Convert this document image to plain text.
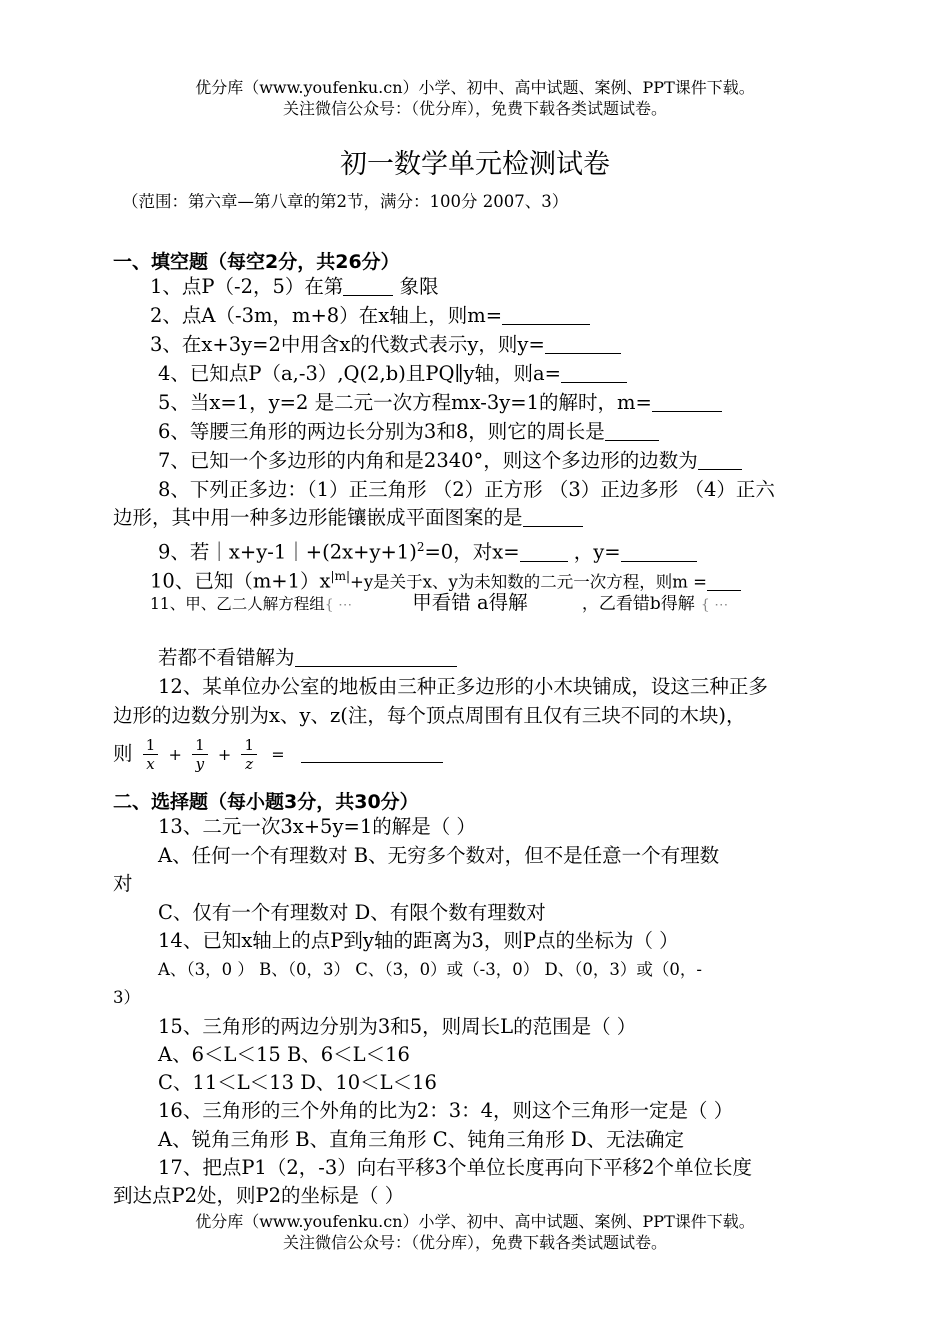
优分库（www.youfenku.cn）小学、初中、高中试题、案例、PPT课件下载。
关注微信公众号：（优分库），免费下载各类试题试卷。
初一数学单元检测试卷
（范围：第六章—第八章的第2节，满分：100分 2007、3）
一、填空题（每空2分，共26分）
1、点P（-2，5）在第	象限
2、点A（-3m，m+8）在x轴上，则m=
3、在x+3y=2中用含x的代数式表示y，则y=
4、已知点P（a,-3）,Q(2,b)且PQ∥y轴，则a=
5、当x=1，y=2 是二元一次方程mx-3y=1的解时，m=
6、等腰三角形的两边长分别为3和8，则它的周长是
7、已知一个多边形的内角和是2340°，则这个多边形的边数为
8、下列正多边：（1）正三角形 （2）正方形 （3）正边多形 （4）正六
边形，其中用一种多边形能镶嵌成平面图案的是
9、若$|x+y-1|+(2x+y+1)^2=0$，对x=	，y=
10、已知$(m+1)x^{|m|}+y$是关于x、y为未知数的二元一次方程，则m =
11、甲、乙二人解方程组{ ⋯	甲看错 a得解	，乙看错b得解 { ⋯
若都不看错解为
12、某单位办公室的地板由三种正多边形的小木块铺成，设这三种正多
边形的边数分别为x、y、z(注，每个顶点周围有且仅有三块不同的木块)，
则 $\frac{1}{x} + \frac{1}{y} + \frac{1}{z}$ =
二、选择题（每小题3分，共30分）
13、二元一次3x+5y=1的解是（ ）
A、任何一个有理数对 B、无穷多个数对，但不是任意一个有理数
对
C、仅有一个有理数对 D、有限个数有理数对
14、已知x轴上的点P到y轴的距离为3，则P点的坐标为（ ）
A、（3，0 ） B、（0，3） C、（3，0）或（-3，0） D、（0，3）或（0，-
3）
15、三角形的两边分别为3和5，则周长L的范围是（ ）
A、6＜L＜15 B、6＜L＜16
C、11＜L＜13 D、10＜L＜16
16、三角形的三个外角的比为2：3：4，则这个三角形一定是（ ）
A、锐角三角形 B、直角三角形 C、钝角三角形 D、无法确定
17、把点P1（2，-3）向右平移3个单位长度再向下平移2个单位长度
到达点P2处，则P2的坐标是（ ）
优分库（www.youfenku.cn）小学、初中、高中试题、案例、PPT课件下载。
关注微信公众号：（优分库），免费下载各类试题试卷。
